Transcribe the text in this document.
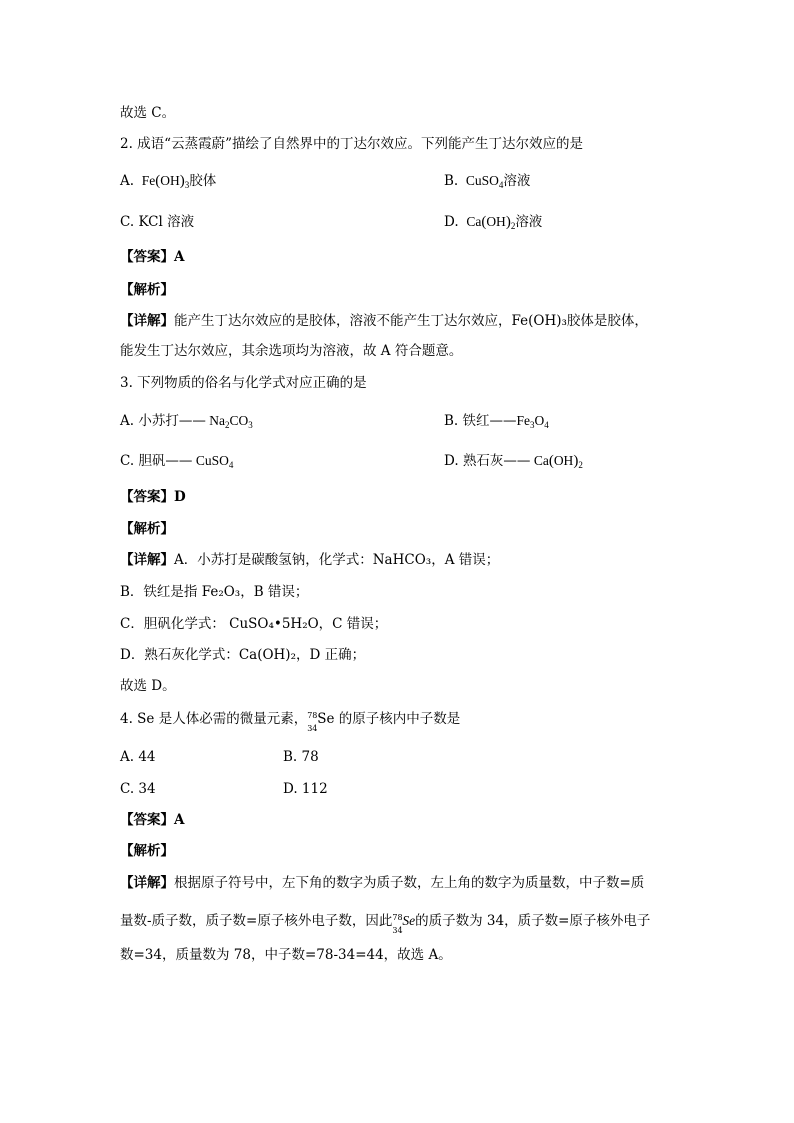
故选 C。
2. 成语“云蒸霞蔚”描绘了自然界中的丁达尔效应。下列能产生丁达尔效应的是
A.  $Fe(OH)_3$胶体	B.  CuSO$_4$溶液
C. KCl 溶液	D.  $Ca(OH)_2$溶液
【答案】A
【解析】
【详解】能产生丁达尔效应的是胶体，溶液不能产生丁达尔效应，Fe(OH)₃胶体是胶体，
能发生丁达尔效应，其余选项均为溶液，故 A 符合题意。
3. 下列物质的俗名与化学式对应正确的是
A. 小苏打—— $Na_2CO_3$	B. 铁红$——Fe_3O_4$
C. 胆矾—— CuSO$_4$	D. 熟石灰—— $Ca(OH)_2$
【答案】D
【解析】
【详解】A．小苏打是碳酸氢钠，化学式：NaHCO₃，A 错误；
B．铁红是指 Fe₂O₃，B 错误；
C．胆矾化学式： CuSO₄•5H₂O，C 错误；
D．熟石灰化学式：Ca(OH)₂，D 正确；
故选 D。
4. Se 是人体必需的微量元素， 78
34
Se 的原子核内中子数是
A. 44	B. 78
C. 34	D. 112
【答案】A
【解析】
【详解】根据原子符号中，左下角的数字为质子数，左上角的数字为质量数，中子数=质
量数-质子数，质子数=原子核外电子数，因此 78
34
Se的质子数为 34，质子数=原子核外电子
数=34，质量数为 78，中子数=78-34=44，故选 A。
